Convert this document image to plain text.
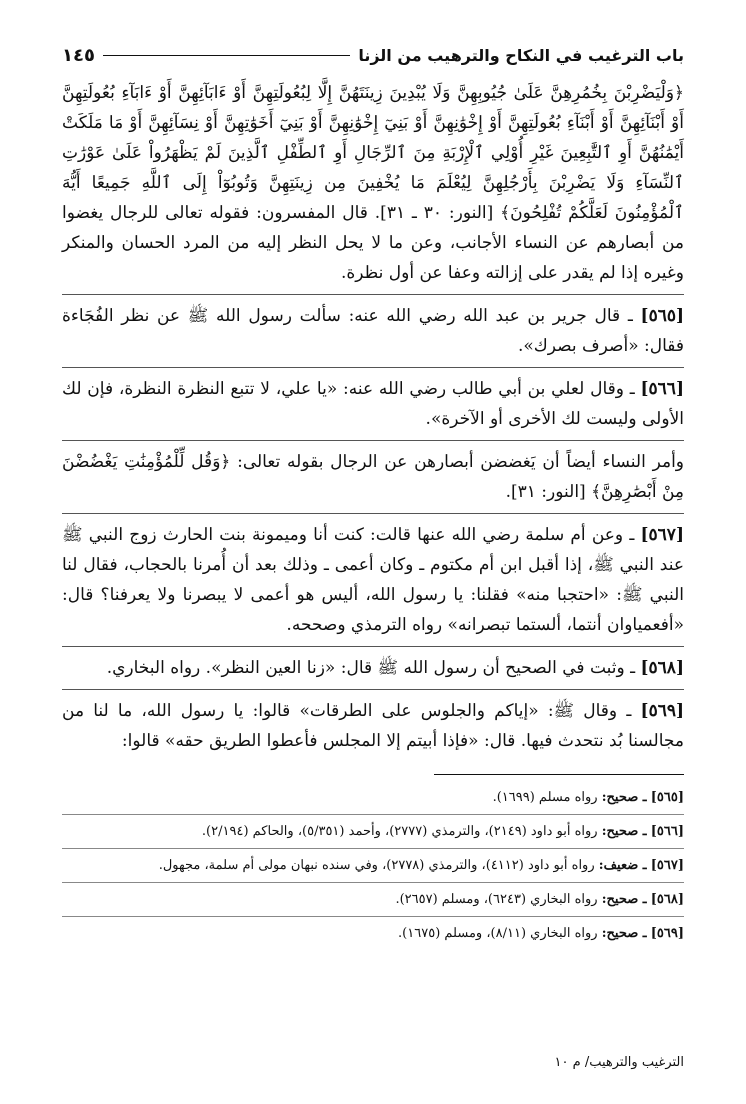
باب الترغيب في النكاح والترهيب من الزنا
١٤٥

﴿وَلْيَضْرِبْنَ بِخُمُرِهِنَّ عَلَىٰ جُيُوبِهِنَّ وَلَا يُبْدِينَ زِينَتَهُنَّ إِلَّا لِبُعُولَتِهِنَّ أَوْ ءَابَآئِهِنَّ أَوْ ءَابَآءِ بُعُولَتِهِنَّ أَوْ أَبْنَآئِهِنَّ أَوْ أَبْنَآءِ بُعُولَتِهِنَّ أَوْ إِخْوَٰنِهِنَّ أَوْ بَنِيٓ إِخْوَٰنِهِنَّ أَوْ بَنِيٓ أَخَوَٰتِهِنَّ أَوْ نِسَآئِهِنَّ أَوْ مَا مَلَكَتْ أَيْمَٰنُهُنَّ أَوِ ٱلتَّٰبِعِينَ غَيْرِ أُوْلِي ٱلْإِرْبَةِ مِنَ ٱلرِّجَالِ أَوِ ٱلطِّفْلِ ٱلَّذِينَ لَمْ يَظْهَرُواْ عَلَىٰ عَوْرَٰتِ ٱلنِّسَآءِ وَلَا يَضْرِبْنَ بِأَرْجُلِهِنَّ لِيُعْلَمَ مَا يُخْفِينَ مِن زِينَتِهِنَّ وَتُوبُوٓاْ إِلَى ٱللَّهِ جَمِيعًا أَيُّهَ ٱلْمُؤْمِنُونَ لَعَلَّكُمْ تُفْلِحُونَ﴾ [النور: ٣٠ ـ ٣١]. قال المفسرون: فقوله تعالى للرجال يغضوا من أبصارهم عن النساء الأجانب، وعن ما لا يحل النظر إليه من المرد الحسان والمنكر وغيره إذا لم يقدر على إزالته وعفا عن أول نظرة.

[٥٦٥] ـ قال جرير بن عبد الله رضي الله عنه: سألت رسول الله ﷺ عن نظر الفُجَاءة فقال: «أصرف بصرك».

[٥٦٦] ـ وقال لعلي بن أبي طالب رضي الله عنه: «يا علي، لا تتبع النظرة النظرة، فإن لك الأولى وليست لك الأخرى أو الآخرة».

وأمر النساء أيضاً أن يَغضضن أبصارهن عن الرجال بقوله تعالى: ﴿وَقُل لِّلْمُؤْمِنَٰتِ يَغْضُضْنَ مِنْ أَبْصَٰرِهِنَّ﴾ [النور: ٣١].

[٥٦٧] ـ وعن أم سلمة رضي الله عنها قالت: كنت أنا وميمونة بنت الحارث زوج النبي ﷺ عند النبي ﷺ، إذا أقبل ابن أم مكتوم ـ وكان أعمى ـ وذلك بعد أن أُمرنا بالحجاب، فقال لنا النبي ﷺ: «احتجبا منه» فقلنا: يا رسول الله، أليس هو أعمى لا يبصرنا ولا يعرفنا؟ قال: «أفعمياوان أنتما، ألستما تبصرانه» رواه الترمذي وصححه.

[٥٦٨] ـ وثبت في الصحيح أن رسول الله ﷺ قال: «زنا العين النظر». رواه البخاري.

[٥٦٩] ـ وقال ﷺ: «إياكم والجلوس على الطرقات» قالوا: يا رسول الله، ما لنا من مجالسنا بُد نتحدث فيها. قال: «فإذا أبيتم إلا المجلس فأعطوا الطريق حقه» قالوا:

[٥٦٥] ـ صحيح: رواه مسلم (١٦٩٩).

[٥٦٦] ـ صحيح: رواه أبو داود (٢١٤٩)، والترمذي (٢٧٧٧)، وأحمد (٥/٣٥١)، والحاكم (٢/١٩٤).

[٥٦٧] ـ ضعيف: رواه أبو داود (٤١١٢)، والترمذي (٢٧٧٨)، وفي سنده نبهان مولى أم سلمة، مجهول.

[٥٦٨] ـ صحيح: رواه البخاري (٦٢٤٣)، ومسلم (٢٦٥٧).

[٥٦٩] ـ صحيح: رواه البخاري (٨/١١)، ومسلم (١٦٧٥).

الترغيب والترهيب/ م ١٠
